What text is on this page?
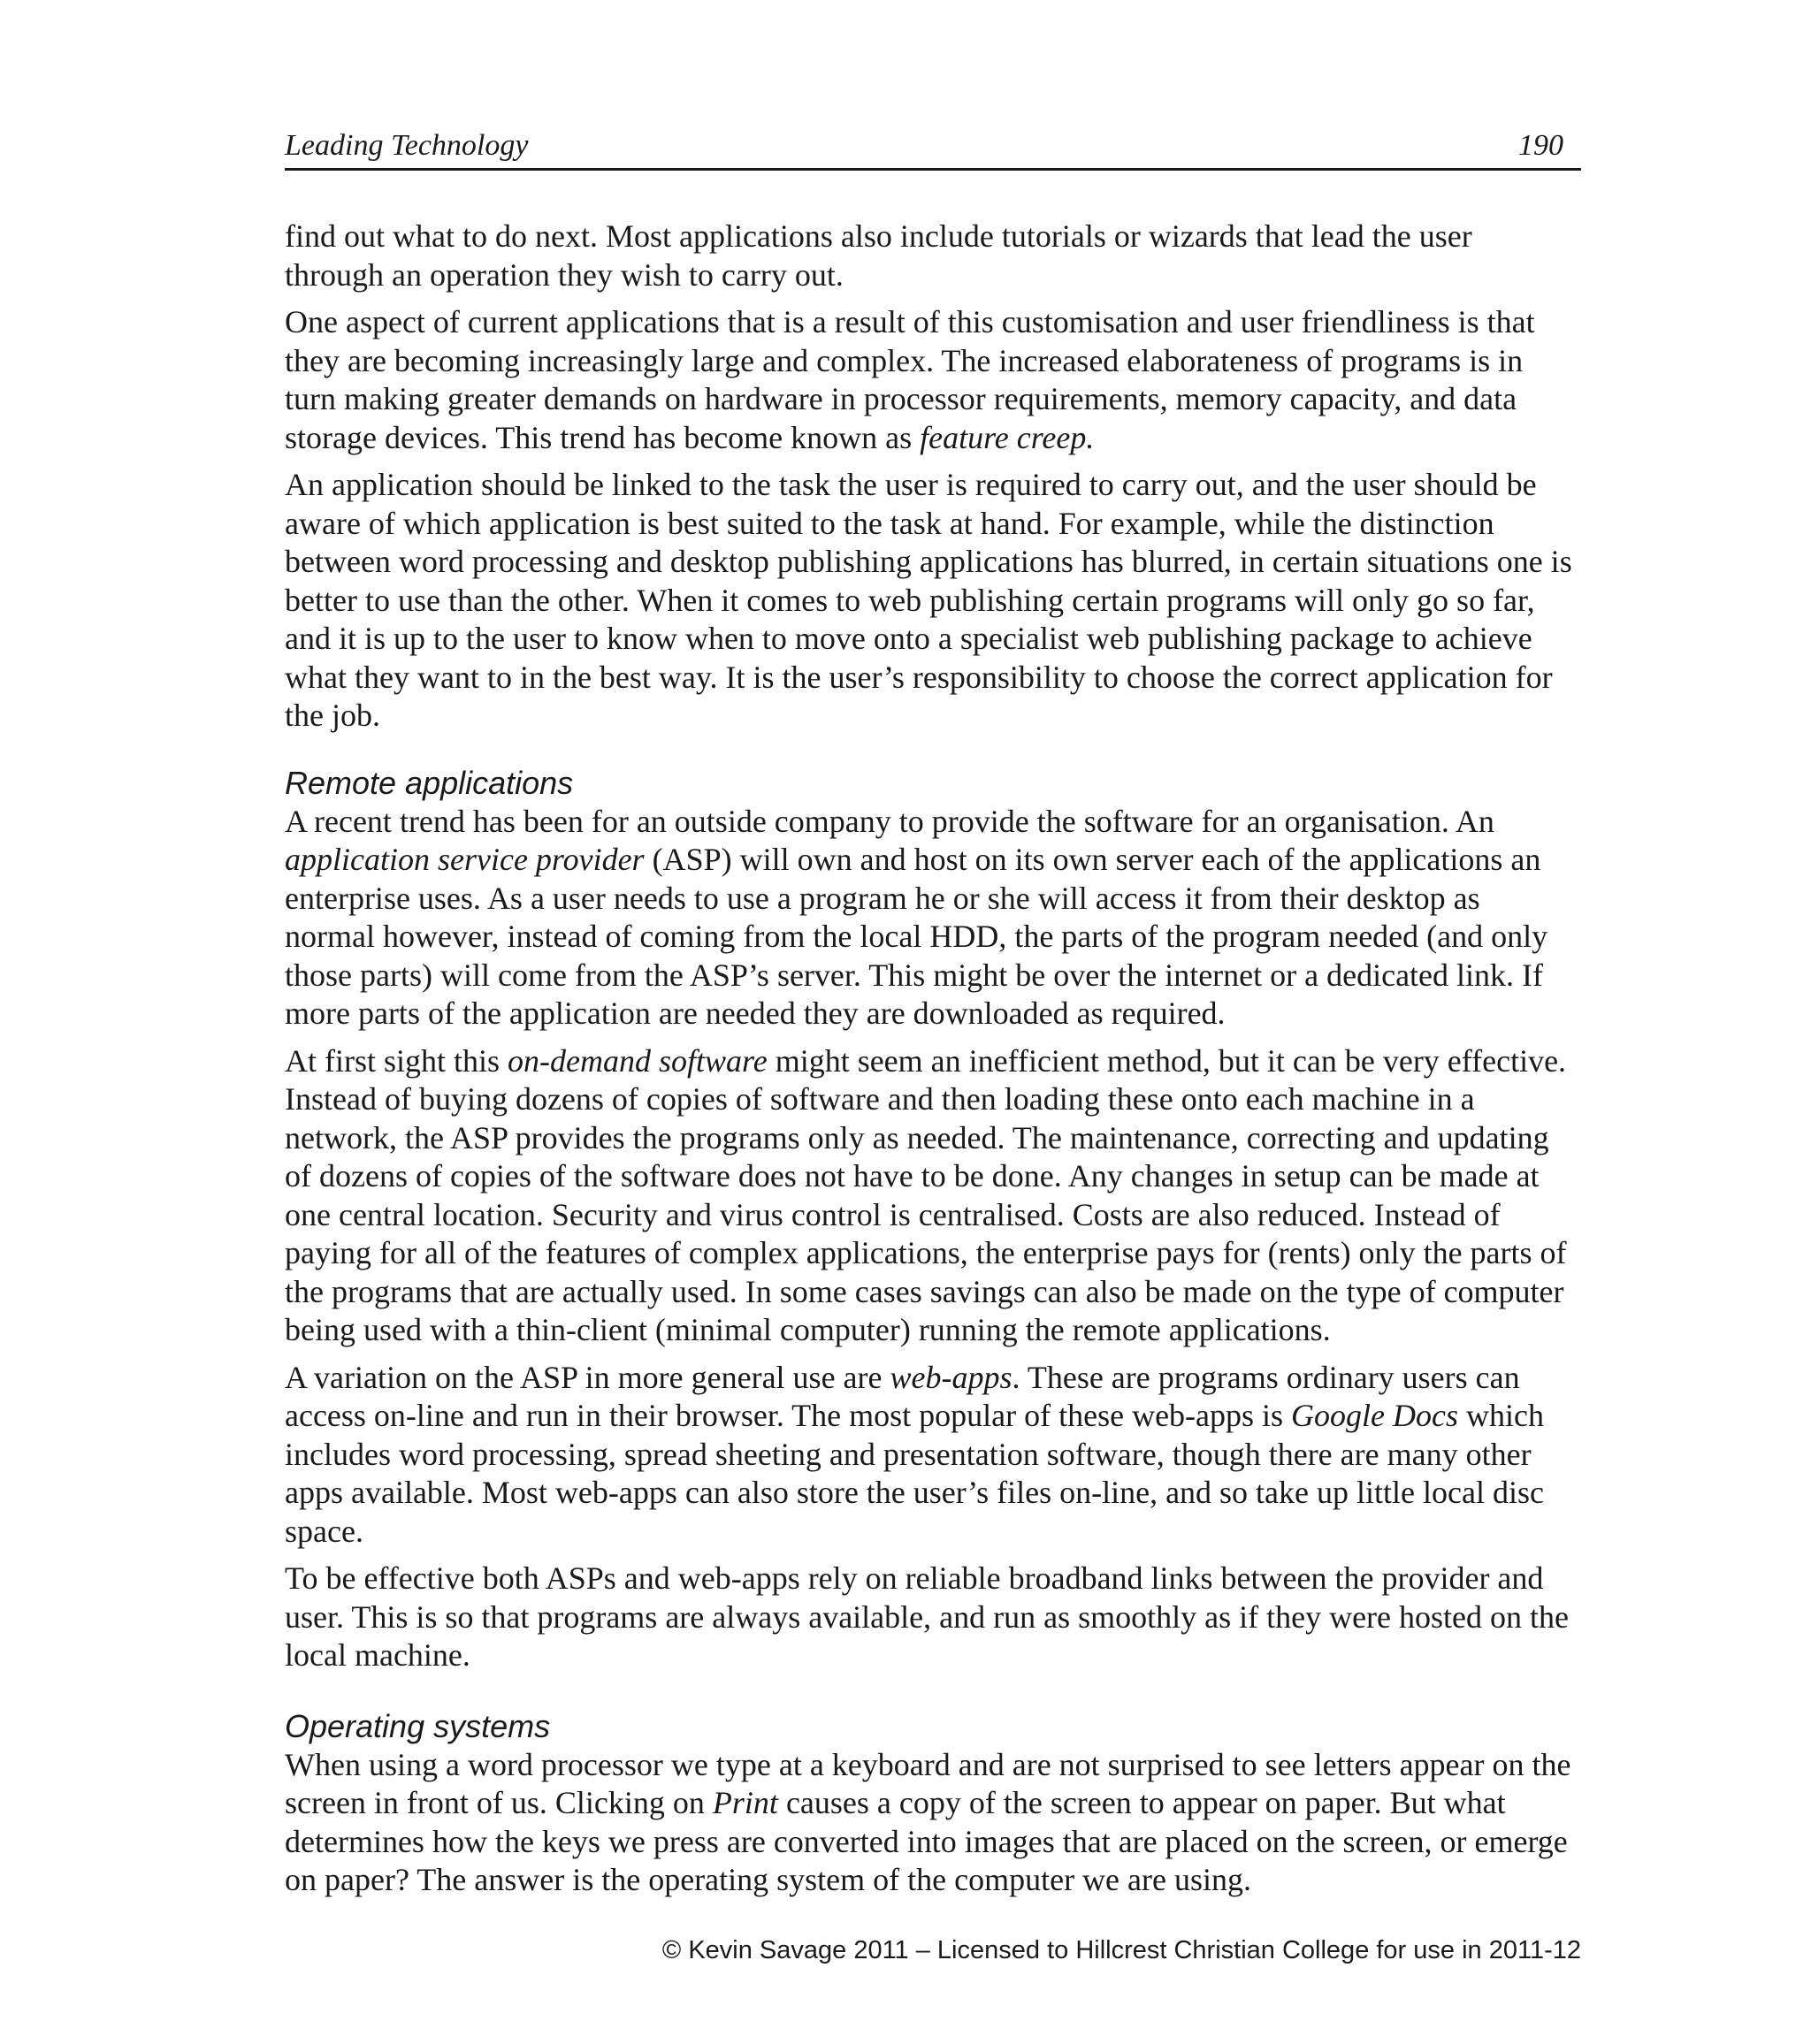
Leading Technology	190

find out what to do next. Most applications also include tutorials or wizards that lead the user through an operation they wish to carry out.

One aspect of current applications that is a result of this customisation and user friendliness is that they are becoming increasingly large and complex. The increased elaborateness of programs is in turn making greater demands on hardware in processor requirements, memory capacity, and data storage devices. This trend has become known as feature creep.

An application should be linked to the task the user is required to carry out, and the user should be aware of which application is best suited to the task at hand. For example, while the distinction between word processing and desktop publishing applications has blurred, in certain situations one is better to use than the other. When it comes to web publishing certain programs will only go so far, and it is up to the user to know when to move onto a specialist web publishing package to achieve what they want to in the best way. It is the user’s responsibility to choose the correct application for the job.

Remote applications

A recent trend has been for an outside company to provide the software for an organisation. An application service provider (ASP) will own and host on its own server each of the applications an enterprise uses. As a user needs to use a program he or she will access it from their desktop as normal however, instead of coming from the local HDD, the parts of the program needed (and only those parts) will come from the ASP’s server. This might be over the internet or a dedicated link. If more parts of the application are needed they are downloaded as required.

At first sight this on-demand software might seem an inefficient method, but it can be very effective. Instead of buying dozens of copies of software and then loading these onto each machine in a network, the ASP provides the programs only as needed. The maintenance, correcting and updating of dozens of copies of the software does not have to be done. Any changes in setup can be made at one central location. Security and virus control is centralised. Costs are also reduced. Instead of paying for all of the features of complex applications, the enterprise pays for (rents) only the parts of the programs that are actually used. In some cases savings can also be made on the type of computer being used with a thin-client (minimal computer) running the remote applications.

A variation on the ASP in more general use are web-apps. These are programs ordinary users can access on-line and run in their browser. The most popular of these web-apps is Google Docs which includes word processing, spread sheeting and presentation software, though there are many other apps available. Most web-apps can also store the user’s files on-line, and so take up little local disc space.

To be effective both ASPs and web-apps rely on reliable broadband links between the provider and user. This is so that programs are always available, and run as smoothly as if they were hosted on the local machine.

Operating systems

When using a word processor we type at a keyboard and are not surprised to see letters appear on the screen in front of us. Clicking on Print causes a copy of the screen to appear on paper. But what determines how the keys we press are converted into images that are placed on the screen, or emerge on paper? The answer is the operating system of the computer we are using.

© Kevin Savage 2011 – Licensed to Hillcrest Christian College for use in 2011-12
